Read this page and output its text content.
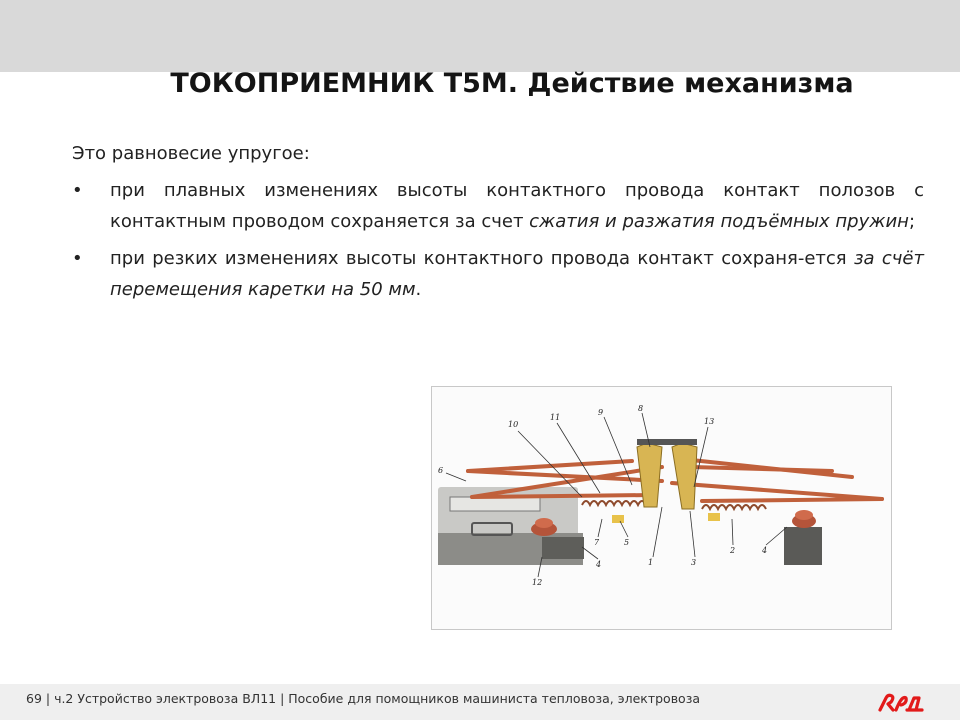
ТОКОПРИЕМНИК Т5М. Действие механизма

Это равновесие упругое:

• при плавных изменениях высоты контактного провода контакт полозов с контактным проводом сохраняется за счет сжатия и разжатия подъёмных пружин;
• при резких изменениях высоты контактного провода контакт сохраня-ется за счёт перемещения каретки на 50 мм.
10
11
9	8
13
6
1	3
2	4
5
7
4
12
69 | ч.2 Устройство электровоза ВЛ11 | Пособие для помощников машиниста тепловоза, электровоза
